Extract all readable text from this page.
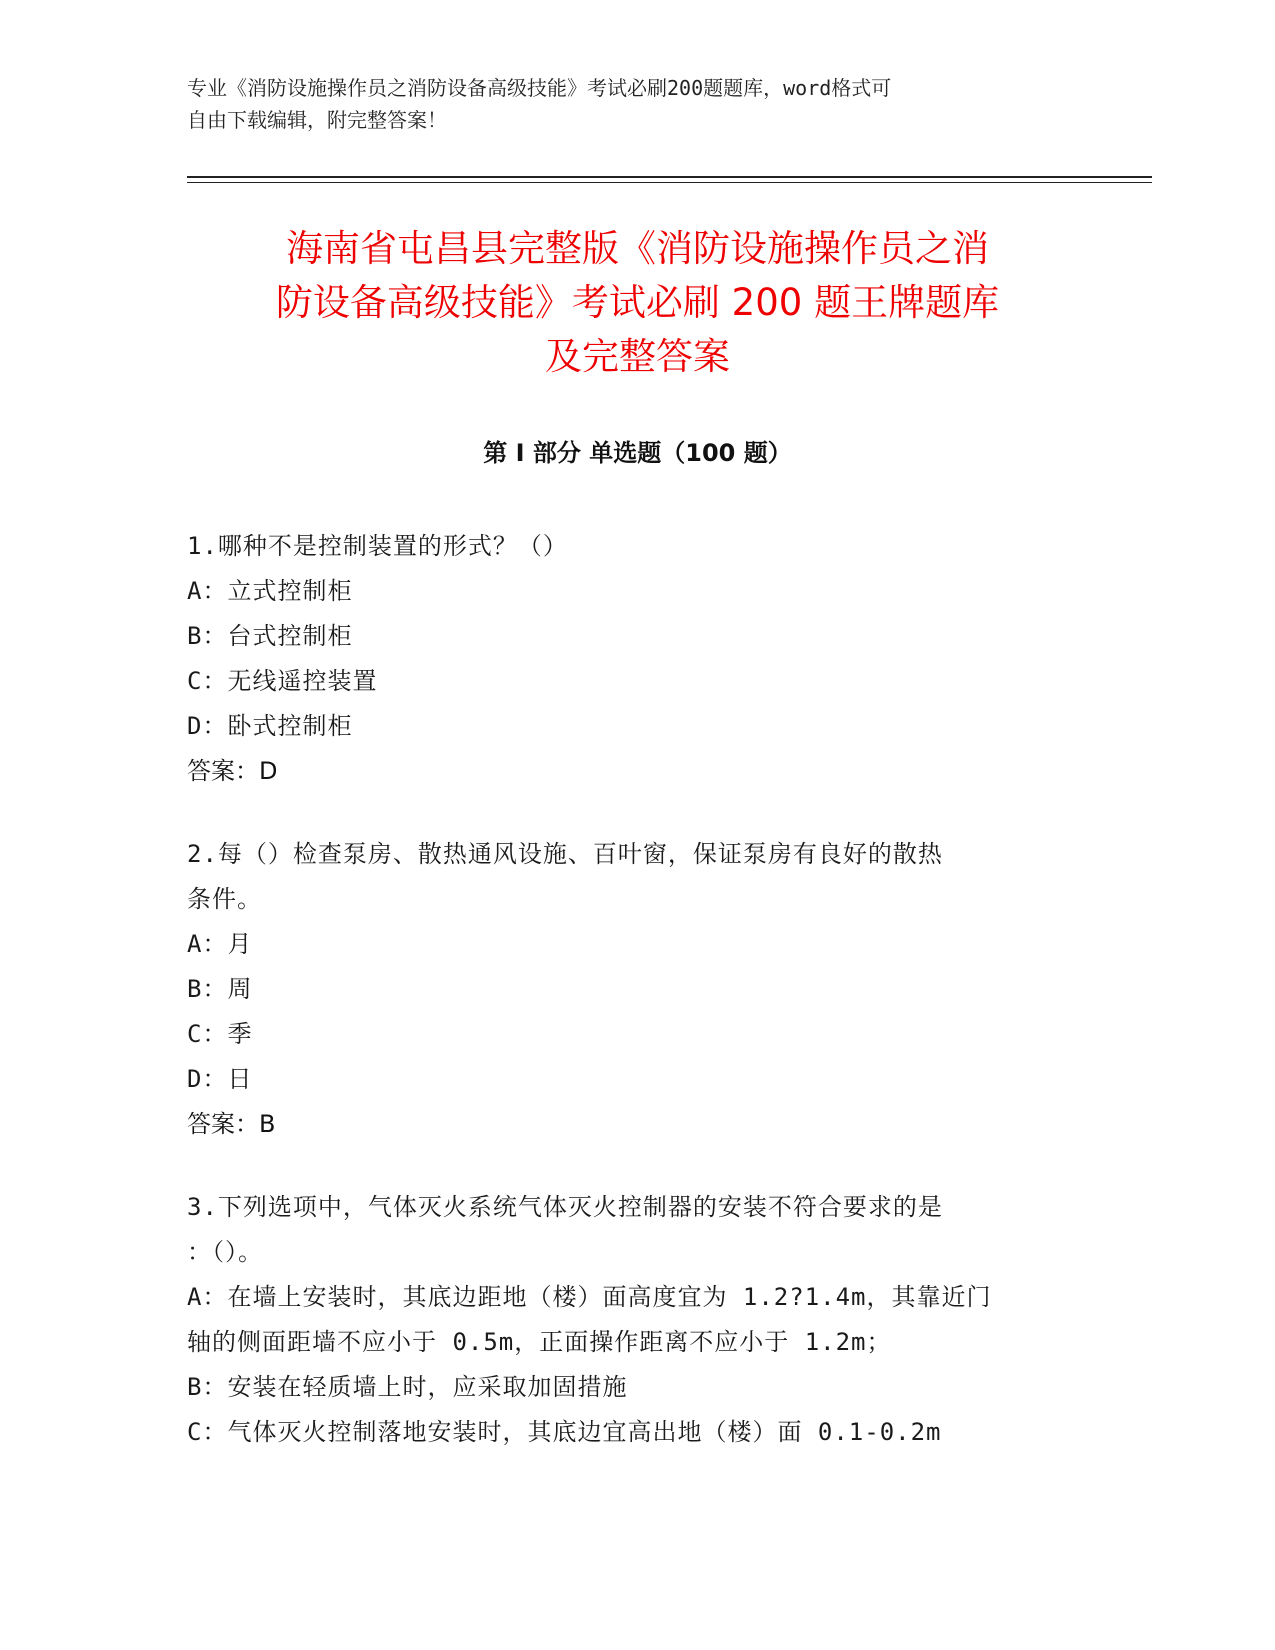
专业《消防设施操作员之消防设备高级技能》考试必刷200题题库，word格式可
自由下载编辑，附完整答案！
海南省屯昌县完整版《消防设施操作员之消
防设备高级技能》考试必刷 200 题王牌题库
及完整答案
第 I 部分 单选题（100 题）
1.哪种不是控制装置的形式？（）
A：立式控制柜
B：台式控制柜
C：无线遥控装置
D：卧式控制柜
答案：D
2.每（）检查泵房、散热通风设施、百叶窗，保证泵房有良好的散热
条件。
A：月
B：周
C：季
D：日
答案：B
3.下列选项中，气体灭火系统气体灭火控制器的安装不符合要求的是
：（）。
A：在墙上安装时，其底边距地（楼）面高度宜为 1.2?1.4m，其靠近门
轴的侧面距墙不应小于 0.5m，正面操作距离不应小于 1.2m；
B：安装在轻质墙上时，应采取加固措施
C：气体灭火控制落地安装时，其底边宜高出地（楼）面 0.1-0.2m
